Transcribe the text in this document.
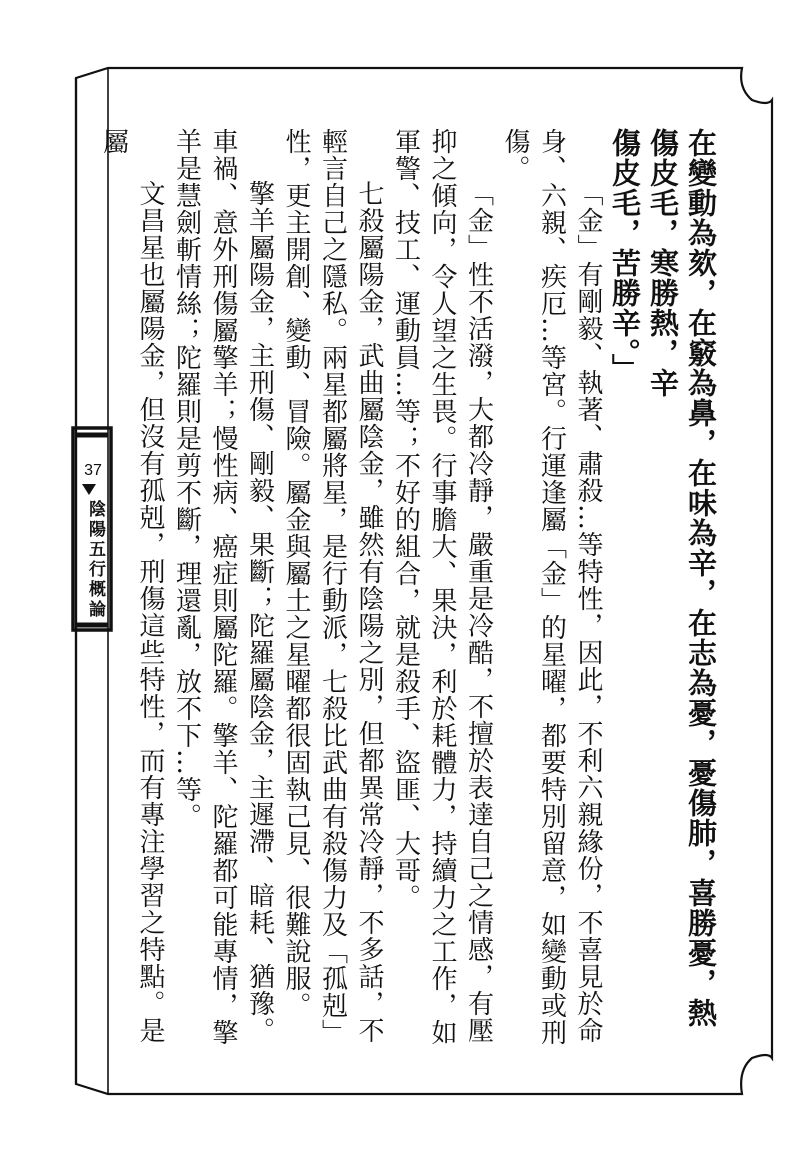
37
陰陽五行概論	在變動為欬，在竅為鼻，在味為辛，在志為憂，憂傷肺，喜勝憂，熱傷皮毛，寒勝熱，辛

傷皮毛，苦勝辛。」

「金」有剛毅、執著、肅殺…等特性，因此，不利六親緣份，不喜見於命身、六親、疾厄…等宮。行運逢屬「金」的星曜，都要特別留意，如變動或刑傷。

「金」性不活潑，大都冷靜，嚴重是冷酷，不擅於表達自己之情感，有壓抑之傾向，令人望之生畏。行事膽大、果決，利於耗體力，持續力之工作，如軍警、技工、運動員…等；不好的組合，就是殺手、盜匪、大哥。

七殺屬陽金，武曲屬陰金，雖然有陰陽之別，但都異常冷靜，不多話，不輕言自己之隱私。兩星都屬將星，是行動派，七殺比武曲有殺傷力及「孤剋」性，更主開創、變動、冒險。屬金與屬土之星曜都很固執己見、很難說服。

擎羊屬陽金，主刑傷、剛毅、果斷；陀羅屬陰金，主遲滯、暗耗、猶豫。車禍、意外刑傷屬擎羊；慢性病、癌症則屬陀羅。擎羊、陀羅都可能專情，擎羊是慧劍斬情絲；陀羅則是剪不斷，理還亂，放不下…等。

文昌星也屬陽金，但沒有孤剋，刑傷這些特性，而有專注學習之特點。是屬
